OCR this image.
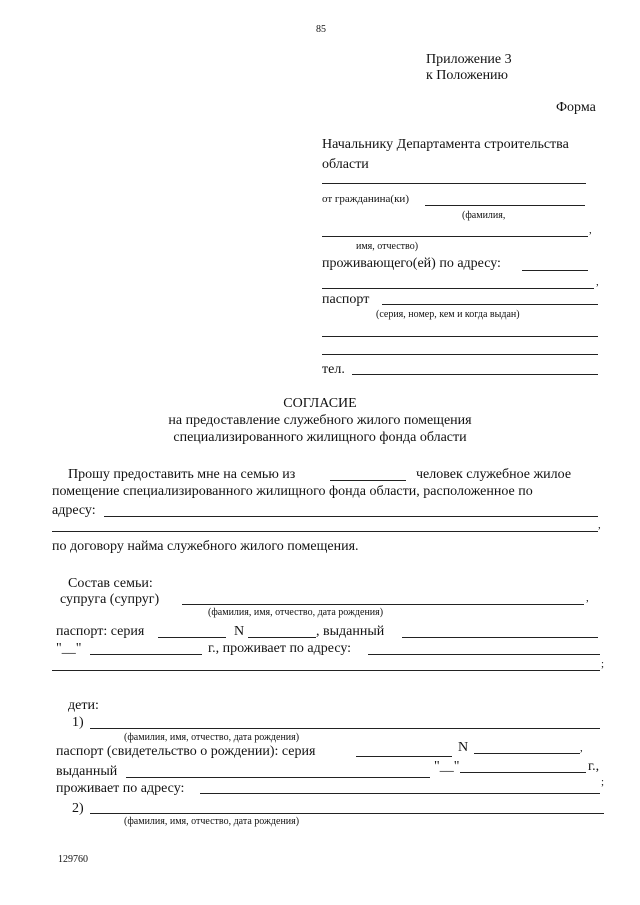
85
Приложение 3
к Положению
Форма
Начальнику Департамента строительства
области
от гражданина(ки)
(фамилия,
,
имя, отчество)
проживающего(ей) по адресу:
,
паспорт
(серия, номер, кем и когда выдан)
тел.
СОГЛАСИЕ
на предоставление служебного жилого помещения
специализированного жилищного фонда области
Прошу предоставить мне на семью из	человек служебное жилое
помещение специализированного жилищного фонда области, расположенное по
адресу:
,
по договору найма служебного жилого помещения.
Состав семьи:
супруга (супруг)	,
(фамилия, имя, отчество, дата рождения)
паспорт: серия	N	, выданный
"__"	г., проживает по адресу:
;
дети:
1)
(фамилия, имя, отчество, дата рождения)
паспорт (свидетельство о рождении): серия	N	,
выданный	"__"	г.,
проживает по адресу:	;
2)
(фамилия, имя, отчество, дата рождения)
129760
